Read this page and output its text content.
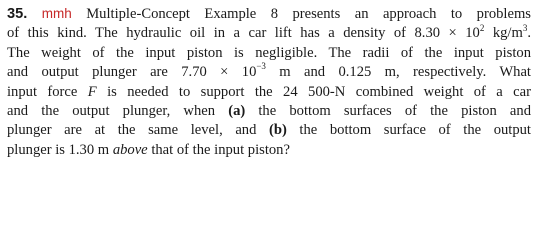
35. mmh Multiple-Concept Example 8 presents an approach to problems
of this kind. The hydraulic oil in a car lift has a density of $8.30 \times 10^2$ $kg/m^3$.
The weight of the input piston is negligible. The radii of the input piston
and output plunger are $7.70 \times 10^{-3}$ m and 0.125 m, respectively. What
input force F is needed to support the 24 500-N combined weight of a car
and the output plunger, when (a) the bottom surfaces of the piston and
plunger are at the same level, and (b) the bottom surface of the output
plunger is 1.30 m above that of the input piston?
